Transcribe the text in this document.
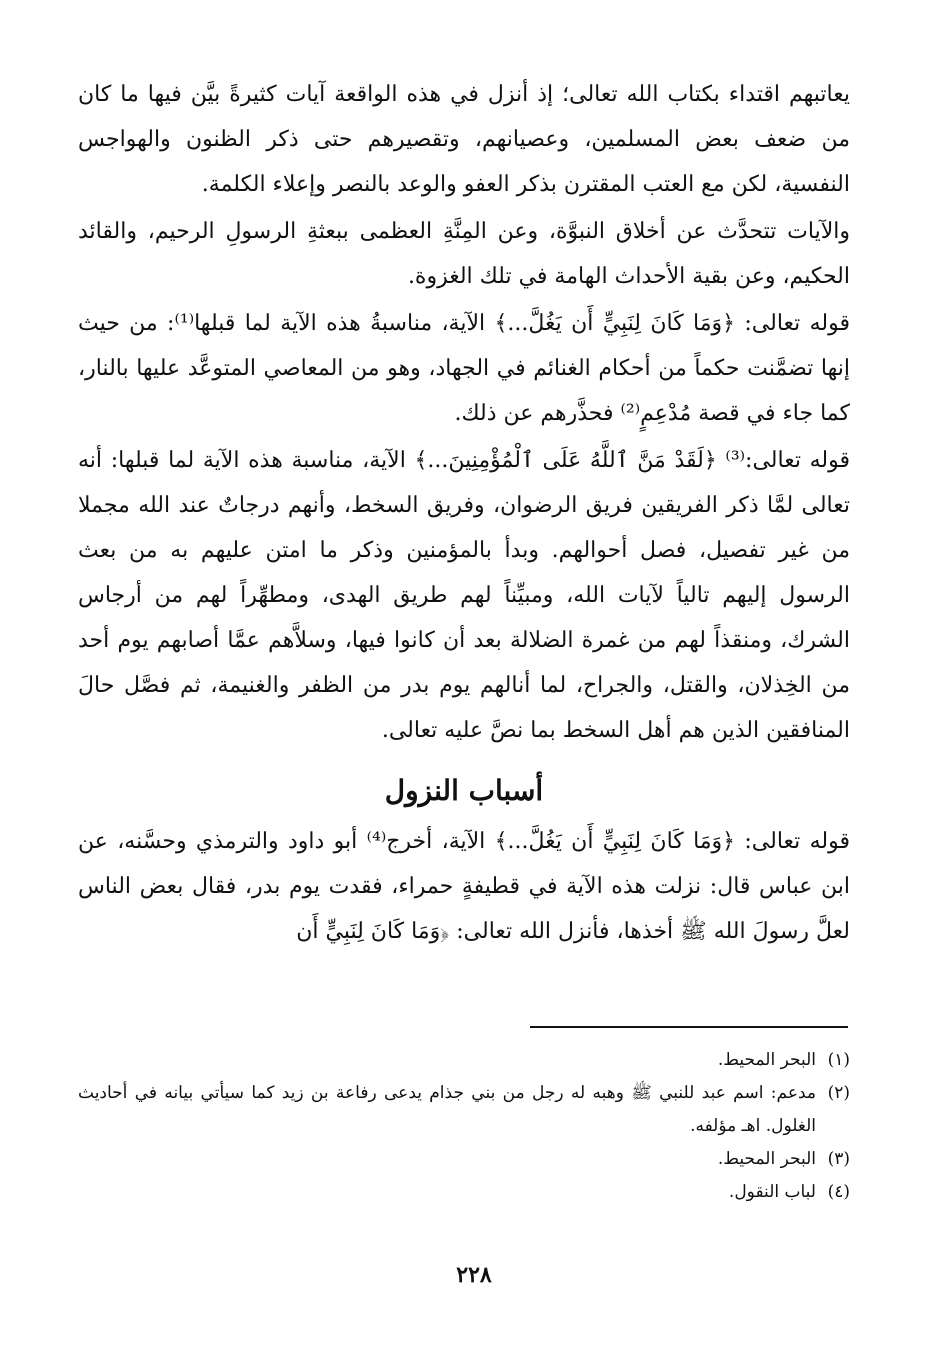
يعاتبهم اقتداء بكتاب الله تعالى؛ إذ أنزل في هذه الواقعة آيات كثيرةً بيَّن فيها ما كان من ضعف بعض المسلمين، وعصيانهم، وتقصيرهم حتى ذكر الظنون والهواجس النفسية، لكن مع العتب المقترن بذكر العفو والوعد بالنصر وإعلاء الكلمة.

والآيات تتحدَّث عن أخلاق النبوَّة، وعن المِنَّةِ العظمى ببعثةِ الرسولِ الرحيم، والقائد الحكيم، وعن بقية الأحداث الهامة في تلك الغزوة.

قوله تعالى: ﴿وَمَا كَانَ لِنَبِيٍّ أَن يَغُلَّ...﴾ الآية، مناسبةُ هذه الآية لما قبلها⁽¹⁾: من حيث إنها تضمَّنت حكماً من أحكام الغنائم في الجهاد، وهو من المعاصي المتوعَّد عليها بالنار، كما جاء في قصة مُدْعِمٍ⁽²⁾ فحذَّرهم عن ذلك.

قوله تعالى:⁽³⁾ ﴿لَقَدْ مَنَّ ٱللَّهُ عَلَى ٱلْمُؤْمِنِينَ...﴾ الآية، مناسبة هذه الآية لما قبلها: أنه تعالى لمَّا ذكر الفريقين فريق الرضوان، وفريق السخط، وأنهم درجاتٌ عند الله مجملا من غير تفصيل، فصل أحوالهم. وبدأ بالمؤمنين وذكر ما امتن عليهم به من بعث الرسول إليهم تالياً لآيات الله، ومبيِّناً لهم طريق الهدى، ومطهِّراً لهم من أرجاس الشرك، ومنقذاً لهم من غمرة الضلالة بعد أن كانوا فيها، وسلاَّهم عمَّا أصابهم يوم أحد من الخِذلان، والقتل، والجراح، لما أنالهم يوم بدر من الظفر والغنيمة، ثم فصَّل حالَ المنافقين الذين هم أهل السخط بما نصَّ عليه تعالى.

أسباب النزول

قوله تعالى: ﴿وَمَا كَانَ لِنَبِيٍّ أَن يَغُلَّ...﴾ الآية، أخرج⁽⁴⁾ أبو داود والترمذي وحسَّنه، عن ابن عباس قال: نزلت هذه الآية في قطيفةٍ حمراء، فقدت يوم بدر، فقال بعض الناس لعلَّ رسولَ الله ﷺ أخذها، فأنزل الله تعالى: ﴿وَمَا كَانَ لِنَبِيٍّ أَن

(١)
البحر المحيط.
(٢)
مدعم: اسم عبد للنبي ﷺ وهبه له رجل من بني جذام يدعى رفاعة بن زيد كما سيأتي بيانه في أحاديث الغلول. اهـ مؤلفه.
(٣)
البحر المحيط.
(٤)
لباب النقول.
٢٢٨
